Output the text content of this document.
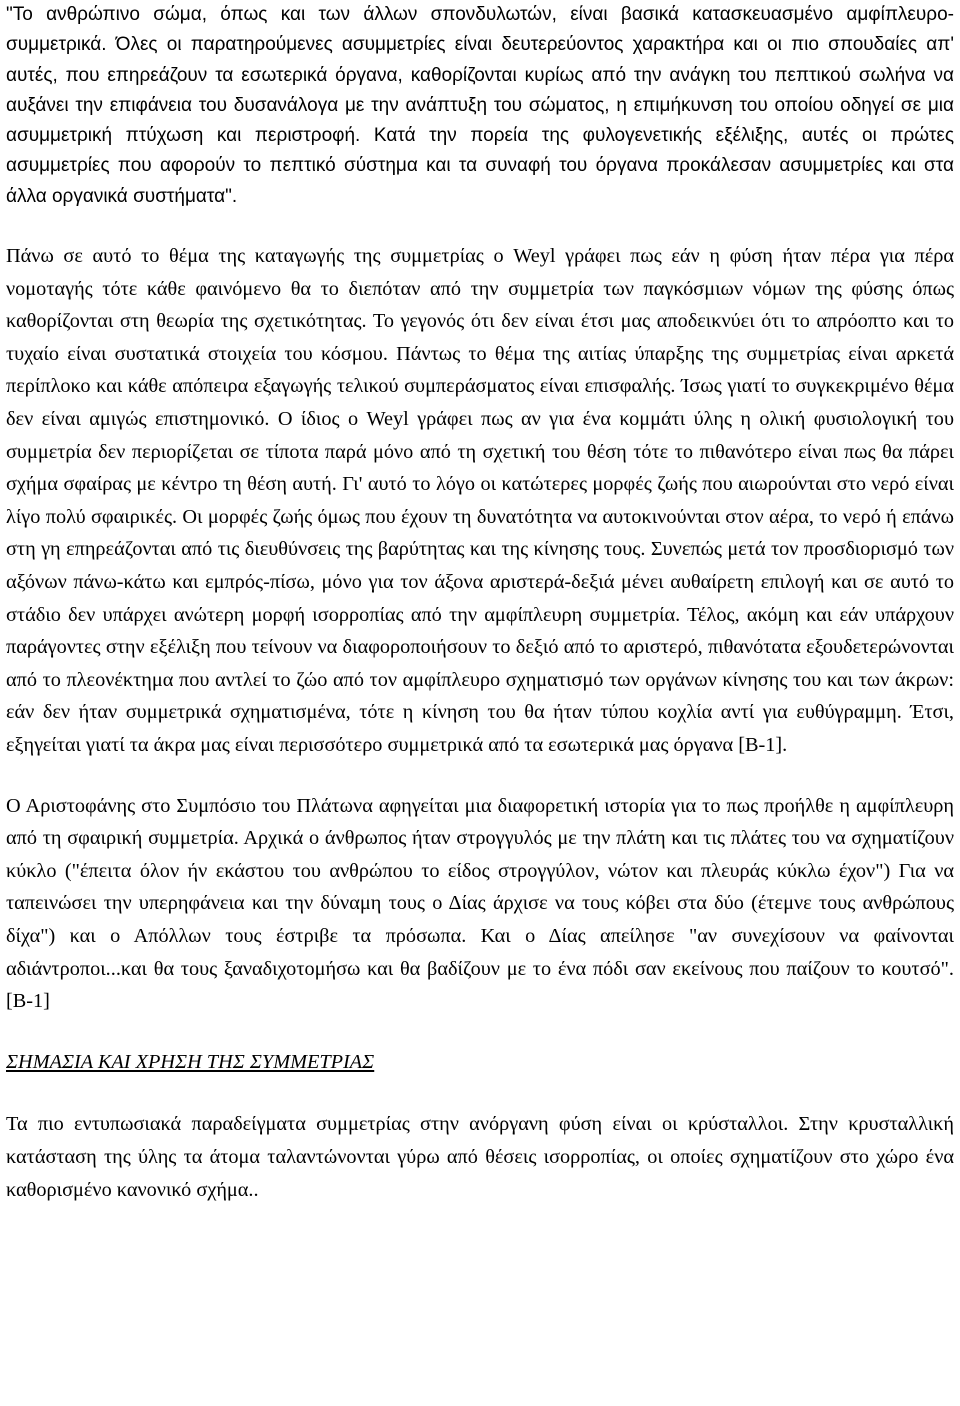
"Το ανθρώπινο σώμα, όπως και των άλλων σπονδυλωτών, είναι βασικά κατασκευασμένο αμφίπλευρο-συμμετρικά. Όλες οι παρατηρούμενες ασυμμετρίες είναι δευτερεύοντος χαρακτήρα και οι πιο σπουδαίες απ' αυτές, που επηρεάζουν τα εσωτερικά όργανα, καθορίζονται κυρίως από την ανάγκη του πεπτικού σωλήνα να αυξάνει την επιφάνεια του δυσανάλογα με την ανάπτυξη του σώματος, η επιμήκυνση του οποίου οδηγεί σε μια ασυμμετρική πτύχωση και περιστροφή. Κατά την πορεία της φυλογενετικής εξέλιξης, αυτές οι πρώτες ασυμμετρίες που αφορούν το πεπτικό σύστημα και τα συναφή του όργανα προκάλεσαν ασυμμετρίες και στα άλλα οργανικά συστήματα".

Πάνω σε αυτό το θέμα της καταγωγής της συμμετρίας ο Weyl γράφει πως εάν η φύση ήταν πέρα για πέρα νομοταγής τότε κάθε φαινόμενο θα το διεπόταν από την συμμετρία των παγκόσμιων νόμων της φύσης όπως καθορίζονται στη θεωρία της σχετικότητας. Το γεγονός ότι δεν είναι έτσι μας αποδεικνύει ότι το απρόοπτο και το τυχαίο είναι συστατικά στοιχεία του κόσμου. Πάντως το θέμα της αιτίας ύπαρξης της συμμετρίας είναι αρκετά περίπλοκο και κάθε απόπειρα εξαγωγής τελικού συμπεράσματος είναι επισφαλής. Ίσως γιατί το συγκεκριμένο θέμα δεν είναι αμιγώς επιστημονικό. Ο ίδιος ο Weyl γράφει πως αν για ένα κομμάτι ύλης η ολική φυσιολογική του συμμετρία δεν περιορίζεται σε τίποτα παρά μόνο από τη σχετική του θέση τότε το πιθανότερο είναι πως θα πάρει σχήμα σφαίρας με κέντρο τη θέση αυτή. Γι' αυτό το λόγο οι κατώτερες μορφές ζωής που αιωρούνται στο νερό είναι λίγο πολύ σφαιρικές. Οι μορφές ζωής όμως που έχουν τη δυνατότητα να αυτοκινούνται στον αέρα, το νερό ή επάνω στη γη επηρεάζονται από τις διευθύνσεις της βαρύτητας και της κίνησης τους. Συνεπώς μετά τον προσδιορισμό των αξόνων πάνω-κάτω και εμπρός-πίσω, μόνο για τον άξονα αριστερά-δεξιά μένει αυθαίρετη επιλογή και σε αυτό το στάδιο δεν υπάρχει ανώτερη μορφή ισορροπίας από την αμφίπλευρη συμμετρία. Τέλος, ακόμη και εάν υπάρχουν παράγοντες στην εξέλιξη που τείνουν να διαφοροποιήσουν το δεξιό από το αριστερό, πιθανότατα εξουδετερώνονται από το πλεονέκτημα που αντλεί το ζώο από τον αμφίπλευρο σχηματισμό των οργάνων κίνησης του και των άκρων: εάν δεν ήταν συμμετρικά σχηματισμένα, τότε η κίνηση του θα ήταν τύπου κοχλία αντί για ευθύγραμμη. Έτσι, εξηγείται γιατί τα άκρα μας είναι περισσότερο συμμετρικά από τα εσωτερικά μας όργανα [Β-1].

Ο Αριστοφάνης στο Συμπόσιο του Πλάτωνα αφηγείται μια διαφορετική ιστορία για το πως προήλθε η αμφίπλευρη από τη σφαιρική συμμετρία. Αρχικά ο άνθρωπος ήταν στρογγυλός με την πλάτη και τις πλάτες του να σχηματίζουν κύκλο ("έπειτα όλον ήν εκάστου του ανθρώπου το είδος στρογγύλον, νώτον και πλευράς κύκλω έχον") Για να ταπεινώσει την υπερηφάνεια και την δύναμη τους ο Δίας άρχισε να τους κόβει στα δύο (έτεμνε τους ανθρώπους δίχα") και ο Απόλλων τους έστριβε τα πρόσωπα. Και ο Δίας απείλησε "αν συνεχίσουν να φαίνονται αδιάντροποι...και θα τους ξαναδιχοτομήσω και θα βαδίζουν με το ένα πόδι σαν εκείνους που παίζουν το κουτσό".[Β-1]

ΣΗΜΑΣΙΑ ΚΑΙ ΧΡΗΣΗ ΤΗΣ ΣΥΜΜΕΤΡΙΑΣ

Τα πιο εντυπωσιακά παραδείγματα συμμετρίας στην ανόργανη φύση είναι οι κρύσταλλοι. Στην κρυσταλλική κατάσταση της ύλης τα άτομα ταλαντώνονται γύρω από θέσεις ισορροπίας, οι οποίες σχηματίζουν στο χώρο ένα καθορισμένο κανονικό σχήμα..
